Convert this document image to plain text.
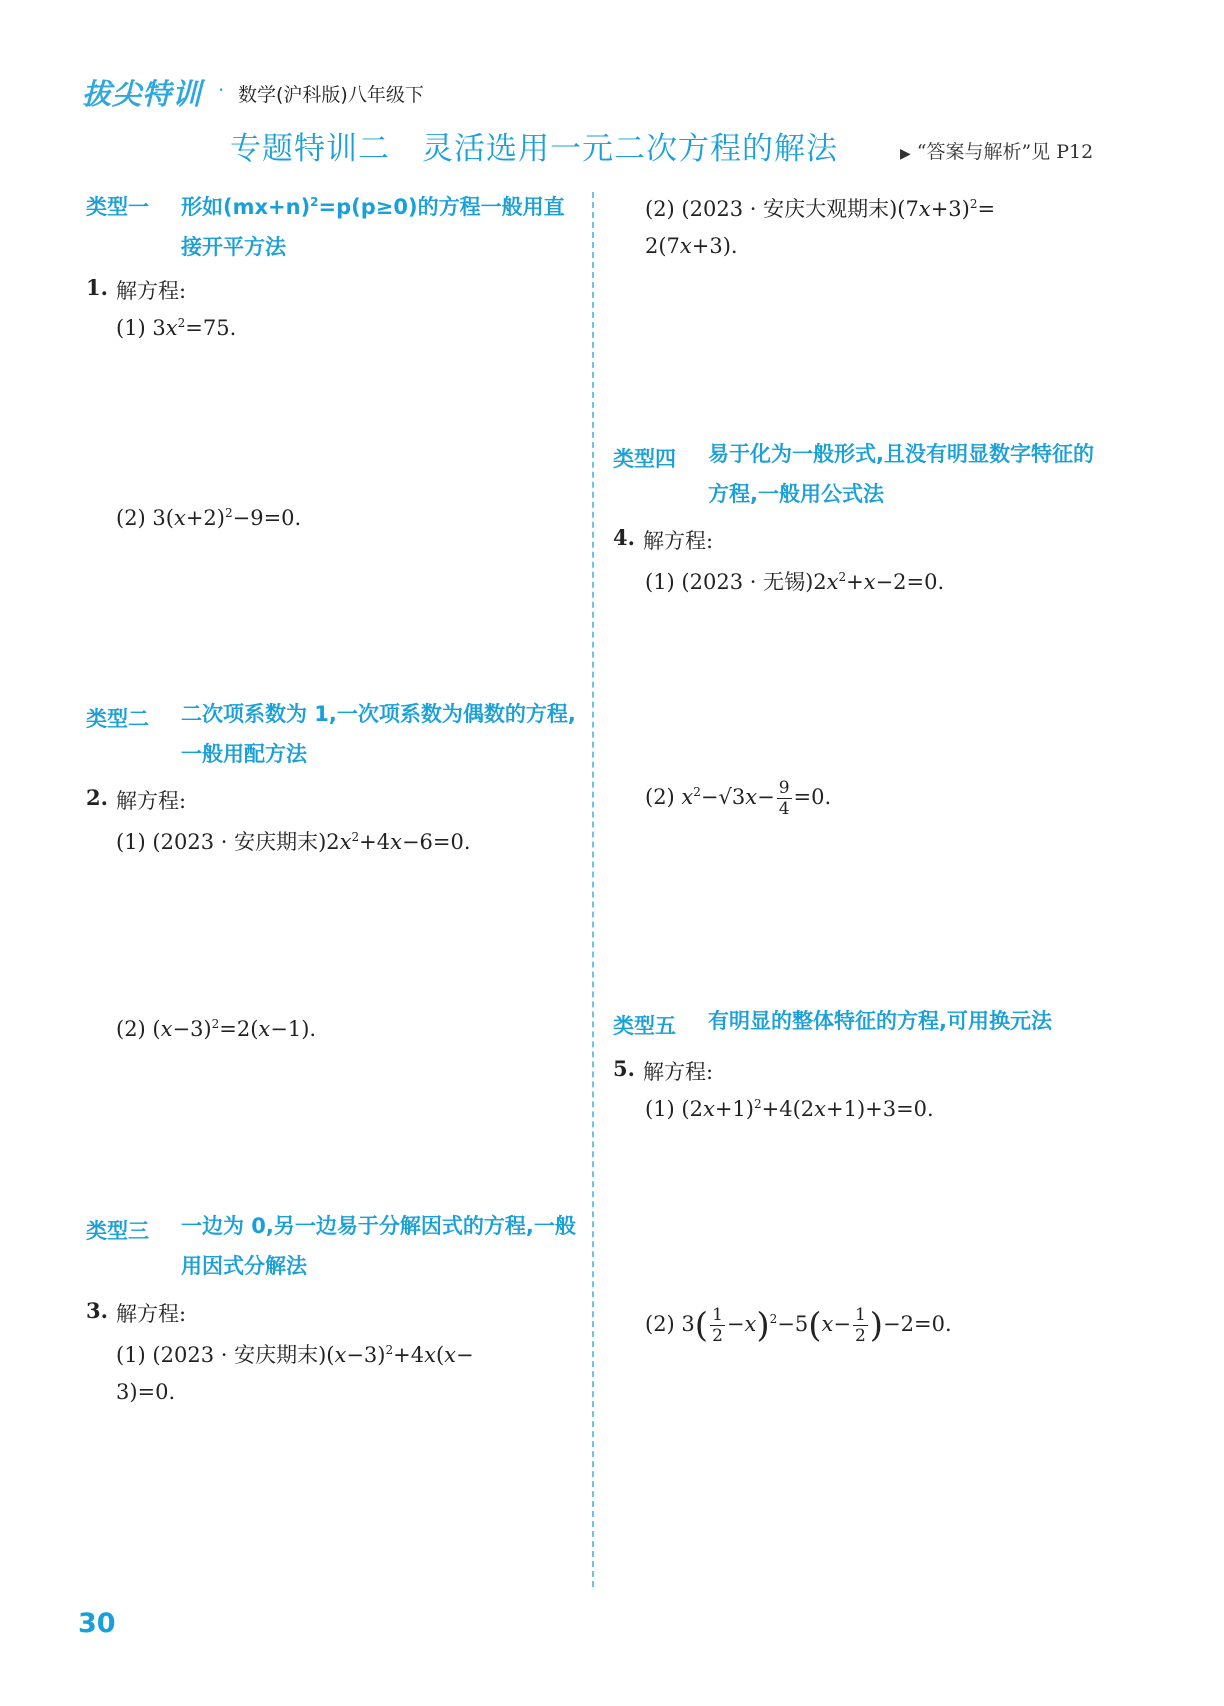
拔尖特训 · 数学(沪科版)八年级下
专题特训二　灵活选用一元二次方程的解法	▶ “答案与解析”见 P12
类型一 形如$(mx+n)^2=p(p\ge 0)$的方程一般用直接开平方法
1. 解方程:
(1) $3x^2=75$.
(2) $3(x+2)^2-9=0$.
类型二 二次项系数为 1,一次项系数为偶数的方程,一般用配方法
2. 解方程:
(1) (2023 · 安庆期末)$2x^2+4x-6=0$.
(2) $(x-3)^2=2(x-1)$.
类型三 一边为 0,另一边易于分解因式的方程,一般用因式分解法
3. 解方程:
(1) (2023 · 安庆期末)$(x-3)^2+4x(x-$
3)=0.
(2) (2023 · 安庆大观期末)$(7x+3)^2=$
2(7x+3).
类型四 易于化为一般形式,且没有明显数字特征的方程,一般用公式法
4. 解方程:
(1) (2023 · 无锡)$2x^2+x-2=0$.
(2) $x^2-√3x- \frac{9}{4} =0$.
类型五 有明显的整体特征的方程,可用换元法
5. 解方程:
(1) $(2x+1)^2+4(2x+1)+3=0$.
(2) $3( \frac{1}{2} -x)^2-5(x- \frac{1}{2} )-2=0$.
30
